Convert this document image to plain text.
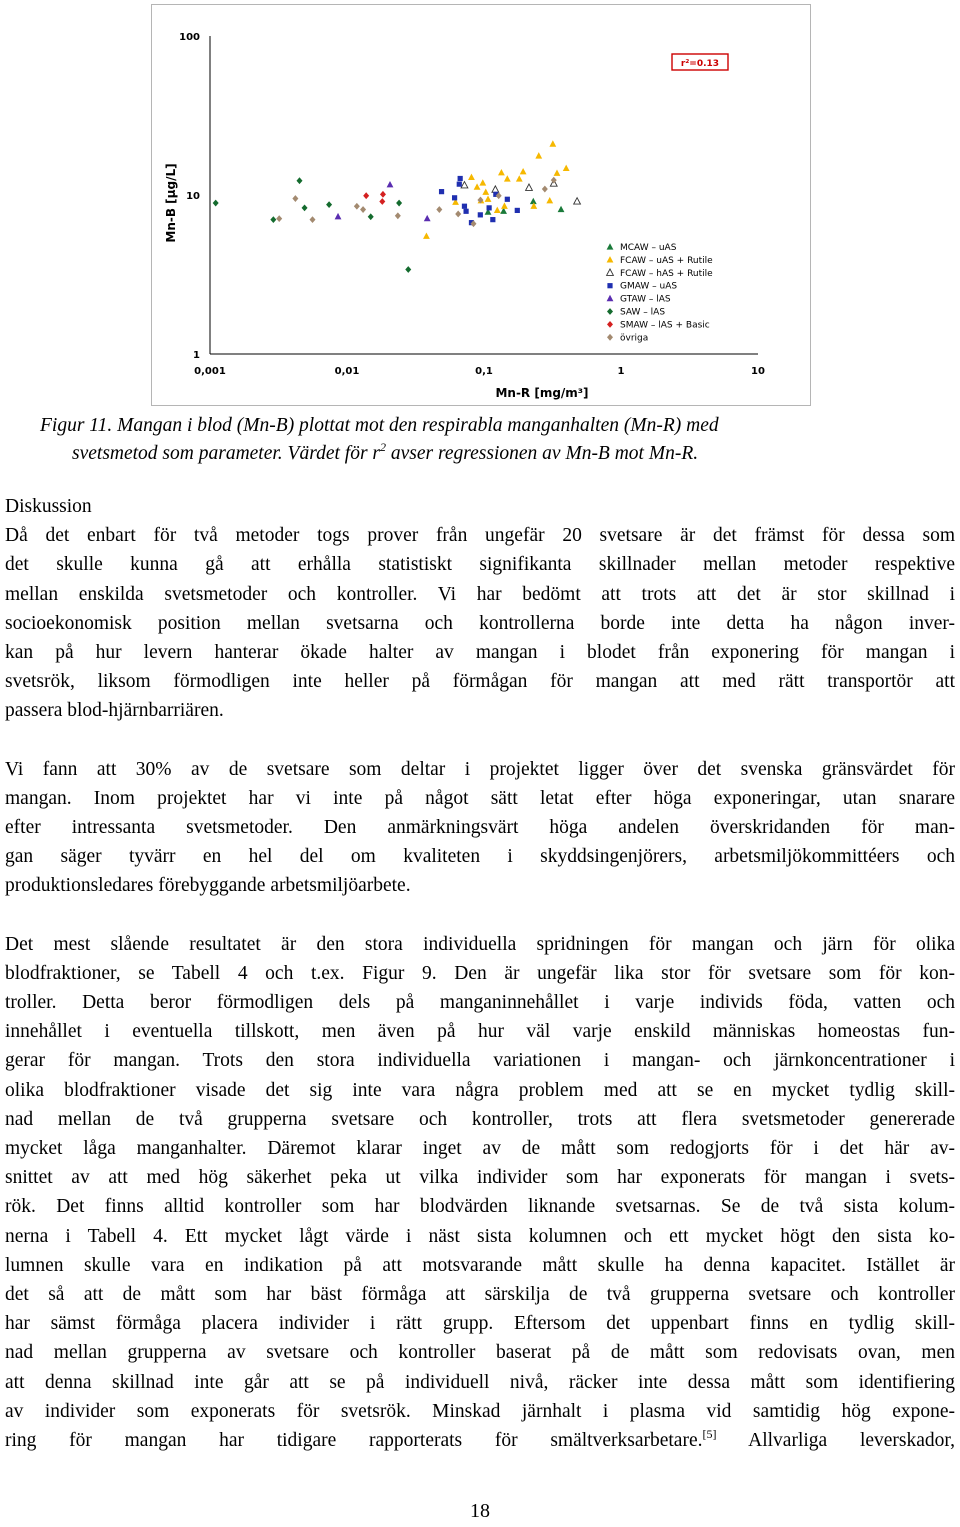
0,001	0,01	0,1	1	10
1
10
100
Mn-R [mg/m³]
Mn-B [µg/L]
MCAW – uAS
FCAW – uAS + Rutile
FCAW – hAS + Rutile
GMAW – uAS
GTAW – lAS
SAW – lAS
SMAW – lAS + Basic
övriga
r²=0.13
Figur 11. Mangan i blod (Mn-B) plottat mot den respirabla manganhalten (Mn-R) med
svetsmetod som parameter. Värdet för $r^2$ avser regressionen av Mn-B mot Mn-R.
Diskussion
Då det enbart för två metoder togs prover från ungefär 20 svetsare är det främst för dessa som
det skulle kunna gå att erhålla statistiskt signifikanta skillnader mellan metoder respektive
mellan enskilda svetsmetoder och kontroller. Vi har bedömt att trots att det är stor skillnad i
socioekonomisk position mellan svetsarna och kontrollerna borde inte detta ha någon inver-
kan på hur levern hanterar ökade halter av mangan i blodet från exponering för mangan i
svetsrök, liksom förmodligen inte heller på förmågan för mangan att med rätt transportör att
passera blod-hjärnbarriären.
Vi fann att 30% av de svetsare som deltar i projektet ligger över det svenska gränsvärdet för
mangan. Inom projektet har vi inte på något sätt letat efter höga exponeringar, utan snarare
efter intressanta svetsmetoder. Den anmärkningsvärt höga andelen överskridanden för man-
gan säger tyvärr en hel del om kvaliteten i skyddsingenjörers, arbetsmiljökommittéers och
produktionsledares förebyggande arbetsmiljöarbete.
Det mest slående resultatet är den stora individuella spridningen för mangan och järn för olika
blodfraktioner, se Tabell 4 och t.ex. Figur 9. Den är ungefär lika stor för svetsare som för kon-
troller. Detta beror förmodligen dels på manganinnehållet i varje individs föda, vatten och
innehållet i eventuella tillskott, men även på hur väl varje enskild människas homeostas fun-
gerar för mangan. Trots den stora individuella variationen i mangan- och järnkoncentrationer i
olika blodfraktioner visade det sig inte vara några problem med att se en mycket tydlig skill-
nad mellan de två grupperna svetsare och kontroller, trots att flera svetsmetoder genererade
mycket låga manganhalter. Däremot klarar inget av de mått som redogjorts för i det här av-
snittet av att med hög säkerhet peka ut vilka individer som har exponerats för mangan i svets-
rök. Det finns alltid kontroller som har blodvärden liknande svetsarnas. Se de två sista kolum-
nerna i Tabell 4. Ett mycket lågt värde i näst sista kolumnen och ett mycket högt den sista ko-
lumnen skulle vara en indikation på att motsvarande mått skulle ha denna kapacitet. Istället är
det så att de mått som har bäst förmåga att särskilja de två grupperna svetsare och kontroller
har sämst förmåga placera individer i rätt grupp. Eftersom det uppenbart finns en tydlig skill-
nad mellan grupperna av svetsare och kontroller baserat på de mått som redovisats ovan, men
att denna skillnad inte går att se på individuell nivå, räcker inte dessa mått som identifiering
av individer som exponerats för svetsrök. Minskad järnhalt i plasma vid samtidig hög expone-
ring för mangan har tidigare rapporterats för smältverksarbetare.[5] Allvarliga leverskador,
18
